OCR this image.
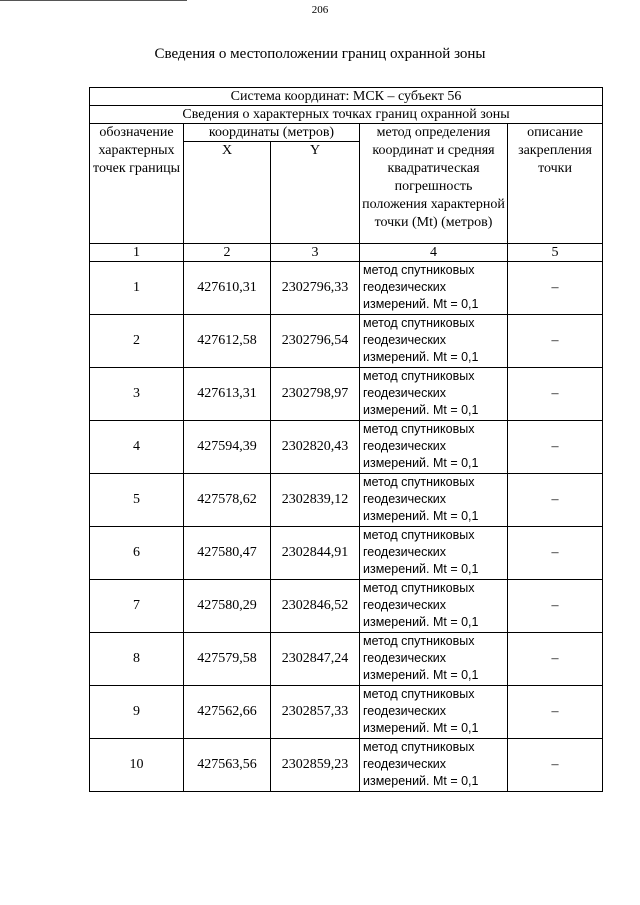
206
Сведения о местоположении границ охранной зоны
Система координат: МСК – субъект 56				
Сведения о характерных точках границ охранной зоны				
обозначение характерных точек границы	координаты (метров)		метод определения координат и средняя квадратическая погрешность положения характерной точки (Mt) (метров)	описание закрепления точки
	X	Y		
1	2	3	4	5
1	427610,31	2302796,33	метод спутниковых
геодезических
измерений. Mt = 0,1	–
2	427612,58	2302796,54	метод спутниковых
геодезических
измерений. Mt = 0,1	–
3	427613,31	2302798,97	метод спутниковых
геодезических
измерений. Mt = 0,1	–
4	427594,39	2302820,43	метод спутниковых
геодезических
измерений. Mt = 0,1	–
5	427578,62	2302839,12	метод спутниковых
геодезических
измерений. Mt = 0,1	–
6	427580,47	2302844,91	метод спутниковых
геодезических
измерений. Mt = 0,1	–
7	427580,29	2302846,52	метод спутниковых
геодезических
измерений. Mt = 0,1	–
8	427579,58	2302847,24	метод спутниковых
геодезических
измерений. Mt = 0,1	–
9	427562,66	2302857,33	метод спутниковых
геодезических
измерений. Mt = 0,1	–
10	427563,56	2302859,23	метод спутниковых
геодезических
измерений. Mt = 0,1	–
